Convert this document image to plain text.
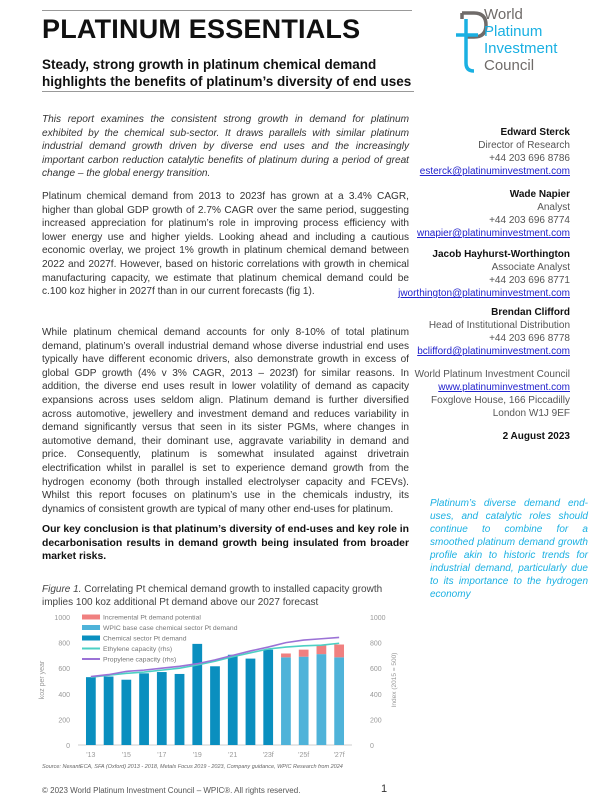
PLATINUM ESSENTIALS
Steady, strong growth in platinum chemical demand
highlights the benefits of platinum’s diversity of end uses
World
Platinum
Investment
Council
This report examines the consistent strong growth in demand for platinum exhibited by the chemical sub-sector. It draws parallels with similar platinum industrial demand growth driven by diverse end uses and the increasingly important carbon reduction catalytic benefits of platinum during a period of great change – the global energy transition.
Platinum chemical demand from 2013 to 2023f has grown at a 3.4% CAGR, higher than global GDP growth of 2.7% CAGR over the same period, suggesting increased appreciation for platinum’s role in improving process efficiency with lower energy use and higher yields. Looking ahead and including a cautious economic overlay, we project 1% growth in platinum chemical demand between 2022 and 2027f. However, based on historic correlations with growth in chemical manufacturing capacity, we estimate that platinum chemical demand could be c.100 koz higher in 2027f than in our current forecasts (fig 1).
While platinum chemical demand accounts for only 8-10% of total platinum demand, platinum’s overall industrial demand whose diverse industrial end uses typically have different economic drivers, also demonstrate growth in excess of global GDP growth (4% v 3% CAGR, 2013 – 2023f) for similar reasons. In addition, the diverse end uses result in lower volatility of demand as capacity expansions across uses seldom align. Platinum demand is further diversified across automotive, jewellery and investment demand and reduces variability in demand significantly versus that seen in its sister PGMs, where changes in automotive demand, their dominant use, aggravate variability in demand and price. Consequently, platinum is somewhat insulated against drivetrain electrification whilst in parallel is set to experience demand growth from the hydrogen economy (both through installed electrolyser capacity and FCEVs). Whilst this report focuses on platinum’s use in the chemicals industry, its dynamics of consistent growth are typical of many other end-uses for platinum.
Our key conclusion is that platinum’s diversity of end-uses and key role in decarbonisation results in demand growth being insulated from broader market risks.
Edward Sterck
Director of Research
+44 203 696 8786
esterck@platinuminvestment.com
Wade Napier
Analyst
+44 203 696 8774
wnapier@platinuminvestment.com
Jacob Hayhurst-Worthington
Associate Analyst
+44 203 696 8771
jworthington@platinuminvestment.com
Brendan Clifford
Head of Institutional Distribution
+44 203 696 8778
bclifford@platinuminvestment.com
World Platinum Investment Council
www.platinuminvestment.com
Foxglove House, 166 Piccadilly
London W1J 9EF
2 August 2023
Platinum’s diverse demand end-uses, and catalytic roles should continue to combine for a smoothed platinum demand growth profile akin to historic trends for industrial demand, particularly due to its importance to the hydrogen economy
Figure 1. Correlating Pt chemical demand growth to installed capacity growth implies 100 koz additional Pt demand above our 2027 forecast
0	0
200	200
400	400
600	600
800	800
1000	1000
koz per year	Index (2015 = 500)
'13	'15	'17	'19	'21	'23f	'25f	'27f
Incremental Pt demand potential
WPIC base case chemical sector Pt demand
Chemical sector Pt demand
Ethylene capacity (rhs)
Propylene capacity (rhs)
Source: NexantECA, SFA (Oxford) 2013 - 2018, Metals Focus 2019 - 2023, Company guidance, WPIC Research from 2024
© 2023 World Platinum Investment Council – WPIC®. All rights reserved.	1
